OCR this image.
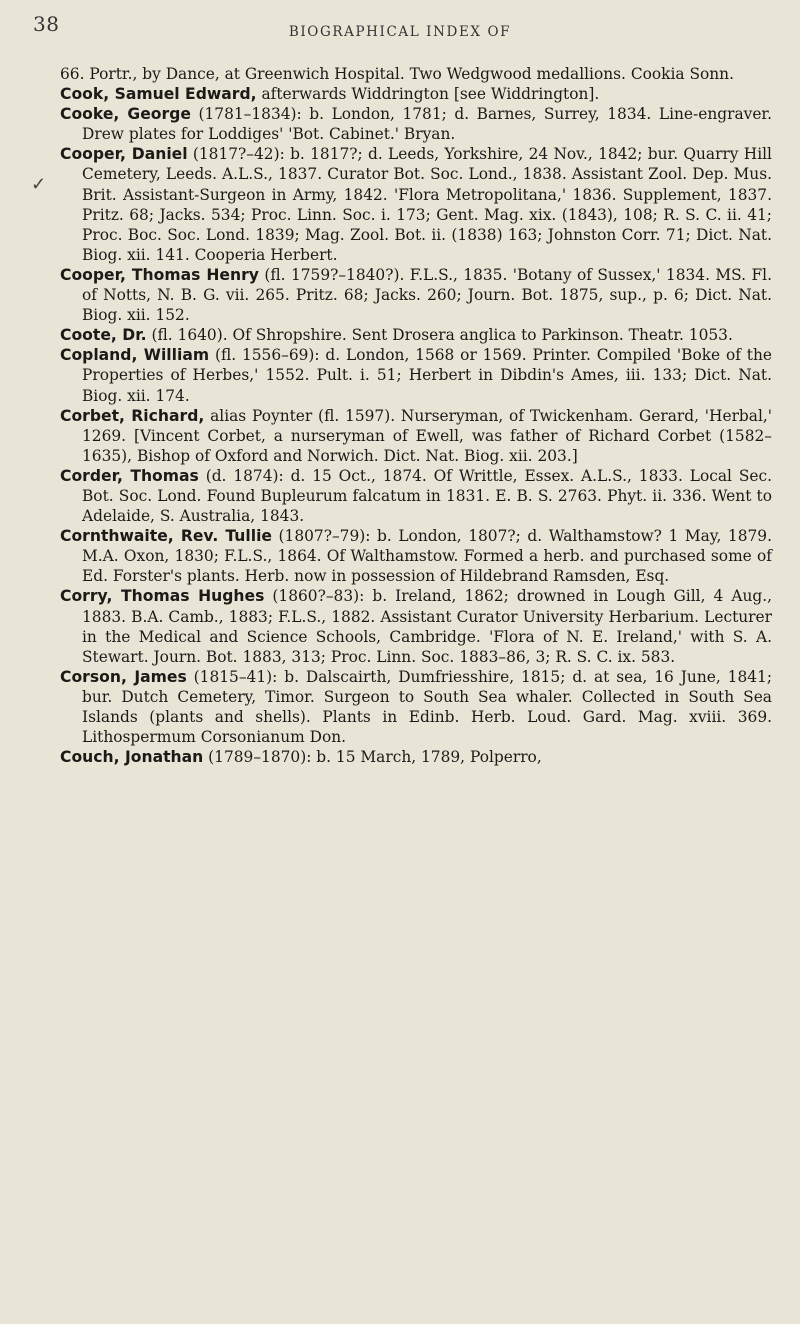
38	BIOGRAPHICAL INDEX OF
✓

66. Portr., by Dance, at Greenwich Hospital. Two Wedgwood medallions. Cookia Sonn.

Cook, Samuel Edward, afterwards Widdrington [see Widdrington].

Cooke, George (1781–1834): b. London, 1781; d. Barnes, Surrey, 1834. Line-engraver. Drew plates for Loddiges' 'Bot. Cabinet.' Bryan.

Cooper, Daniel (1817?–42): b. 1817?; d. Leeds, Yorkshire, 24 Nov., 1842; bur. Quarry Hill Cemetery, Leeds. A.L.S., 1837. Curator Bot. Soc. Lond., 1838. Assistant Zool. Dep. Mus. Brit. Assistant-Surgeon in Army, 1842. 'Flora Metropolitana,' 1836. Supplement, 1837. Pritz. 68; Jacks. 534; Proc. Linn. Soc. i. 173; Gent. Mag. xix. (1843), 108; R. S. C. ii. 41; Proc. Boc. Soc. Lond. 1839; Mag. Zool. Bot. ii. (1838) 163; Johnston Corr. 71; Dict. Nat. Biog. xii. 141. Cooperia Herbert.

Cooper, Thomas Henry (fl. 1759?–1840?). F.L.S., 1835. 'Botany of Sussex,' 1834. MS. Fl. of Notts, N. B. G. vii. 265. Pritz. 68; Jacks. 260; Journ. Bot. 1875, sup., p. 6; Dict. Nat. Biog. xii. 152.

Coote, Dr. (fl. 1640). Of Shropshire. Sent Drosera anglica to Parkinson. Theatr. 1053.

Copland, William (fl. 1556–69): d. London, 1568 or 1569. Printer. Compiled 'Boke of the Properties of Herbes,' 1552. Pult. i. 51; Herbert in Dibdin's Ames, iii. 133; Dict. Nat. Biog. xii. 174.

Corbet, Richard, alias Poynter (fl. 1597). Nurseryman, of Twickenham. Gerard, 'Herbal,' 1269. [Vincent Corbet, a nurseryman of Ewell, was father of Richard Corbet (1582–1635), Bishop of Oxford and Norwich. Dict. Nat. Biog. xii. 203.]

Corder, Thomas (d. 1874): d. 15 Oct., 1874. Of Writtle, Essex. A.L.S., 1833. Local Sec. Bot. Soc. Lond. Found Bupleurum falcatum in 1831. E. B. S. 2763. Phyt. ii. 336. Went to Adelaide, S. Australia, 1843.

Cornthwaite, Rev. Tullie (1807?–79): b. London, 1807?; d. Walthamstow? 1 May, 1879. M.A. Oxon, 1830; F.L.S., 1864. Of Walthamstow. Formed a herb. and purchased some of Ed. Forster's plants. Herb. now in possession of Hildebrand Ramsden, Esq.

Corry, Thomas Hughes (1860?–83): b. Ireland, 1862; drowned in Lough Gill, 4 Aug., 1883. B.A. Camb., 1883; F.L.S., 1882. Assistant Curator University Herbarium. Lecturer in the Medical and Science Schools, Cambridge. 'Flora of N. E. Ireland,' with S. A. Stewart. Journ. Bot. 1883, 313; Proc. Linn. Soc. 1883–86, 3; R. S. C. ix. 583.

Corson, James (1815–41): b. Dalscairth, Dumfriesshire, 1815; d. at sea, 16 June, 1841; bur. Dutch Cemetery, Timor. Surgeon to South Sea whaler. Collected in South Sea Islands (plants and shells). Plants in Edinb. Herb. Loud. Gard. Mag. xviii. 369. Lithospermum Corsonianum Don.

Couch, Jonathan (1789–1870): b. 15 March, 1789, Polperro,
